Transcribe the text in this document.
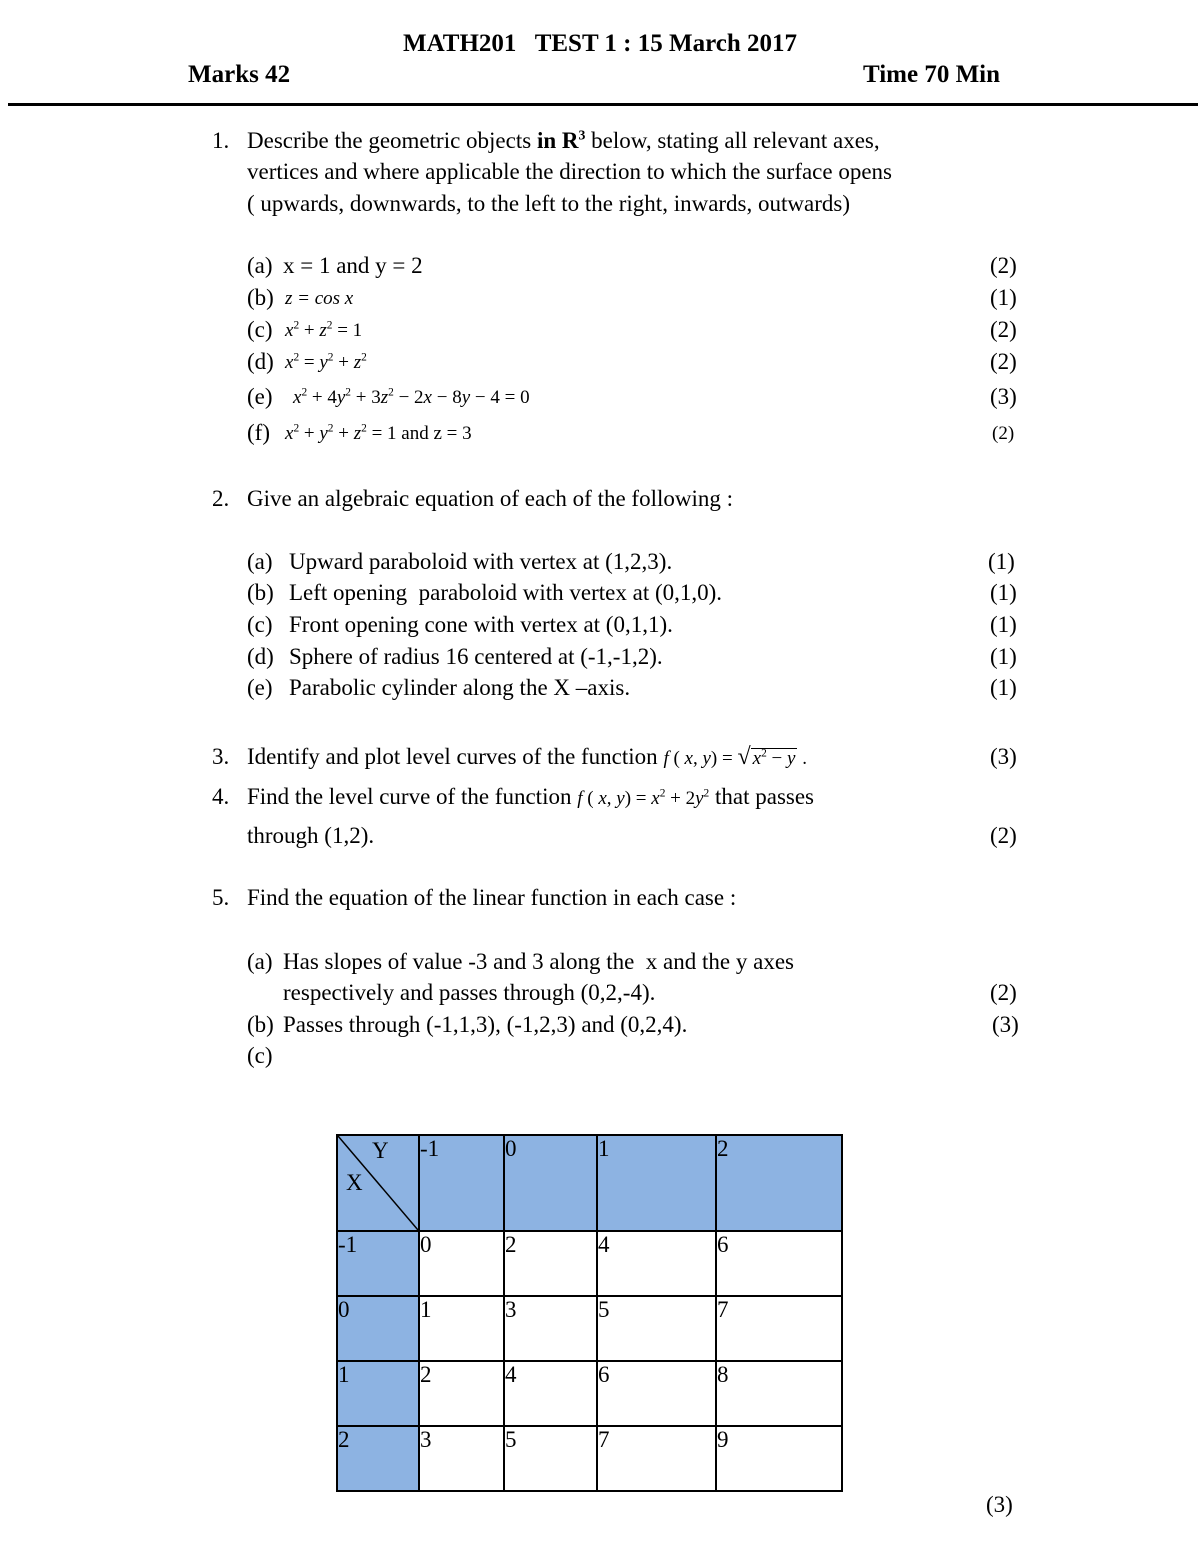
MATH201   TEST 1 : 15 March 2017
Marks 42	Time 70 Min
1. Describe the geometric objects in $R^3$ below, stating all relevant axes,
vertices and where applicable the direction to which the surface opens
( upwards, downwards, to the left to the right, inwards, outwards)
(a) x = 1 and y = 2	(2)
(b) z = cos x	(1)
(c) $x^2 + z^2 = 1$	(2)
(d) $x^2 = y^2 + z^2$	(2)
(e) $x^2 + 4y^2 + 3z^2 - 2x - 8y - 4 = 0$	(3)
(f) $x^2 + y^2 + z^2 = 1$ and z = 3	(2)
2. Give an algebraic equation of each of the following :
(a) Upward paraboloid with vertex at (1,2,3).	(1)
(b) Left opening  paraboloid with vertex at (0,1,0).	(1)
(c) Front opening cone with vertex at (0,1,1).	(1)
(d) Sphere of radius 16 centered at (-1,-1,2).	(1)
(e) Parabolic cylinder along the X –axis.	(1)
3. Identify and plot level curves of the function f ( x, y) = √ $x^2 - y$ .	(3)
4. Find the level curve of the function f ( x, $y) = x^2 + 2y^2$ that passes
through (1,2).	(2)
5. Find the equation of the linear function in each case :
(a) Has slopes of value -3 and 3 along the  x and the y axes
respectively and passes through (0,2,-4).	(2)
(b) Passes through (-1,1,3), (-1,2,3) and (0,2,4).	(3)
(c)
Y
X	-1	0	1	2
-1	0	2	4	6
0	1	3	5	7
1	2	4	6	8
2	3	5	7	9
(3)
